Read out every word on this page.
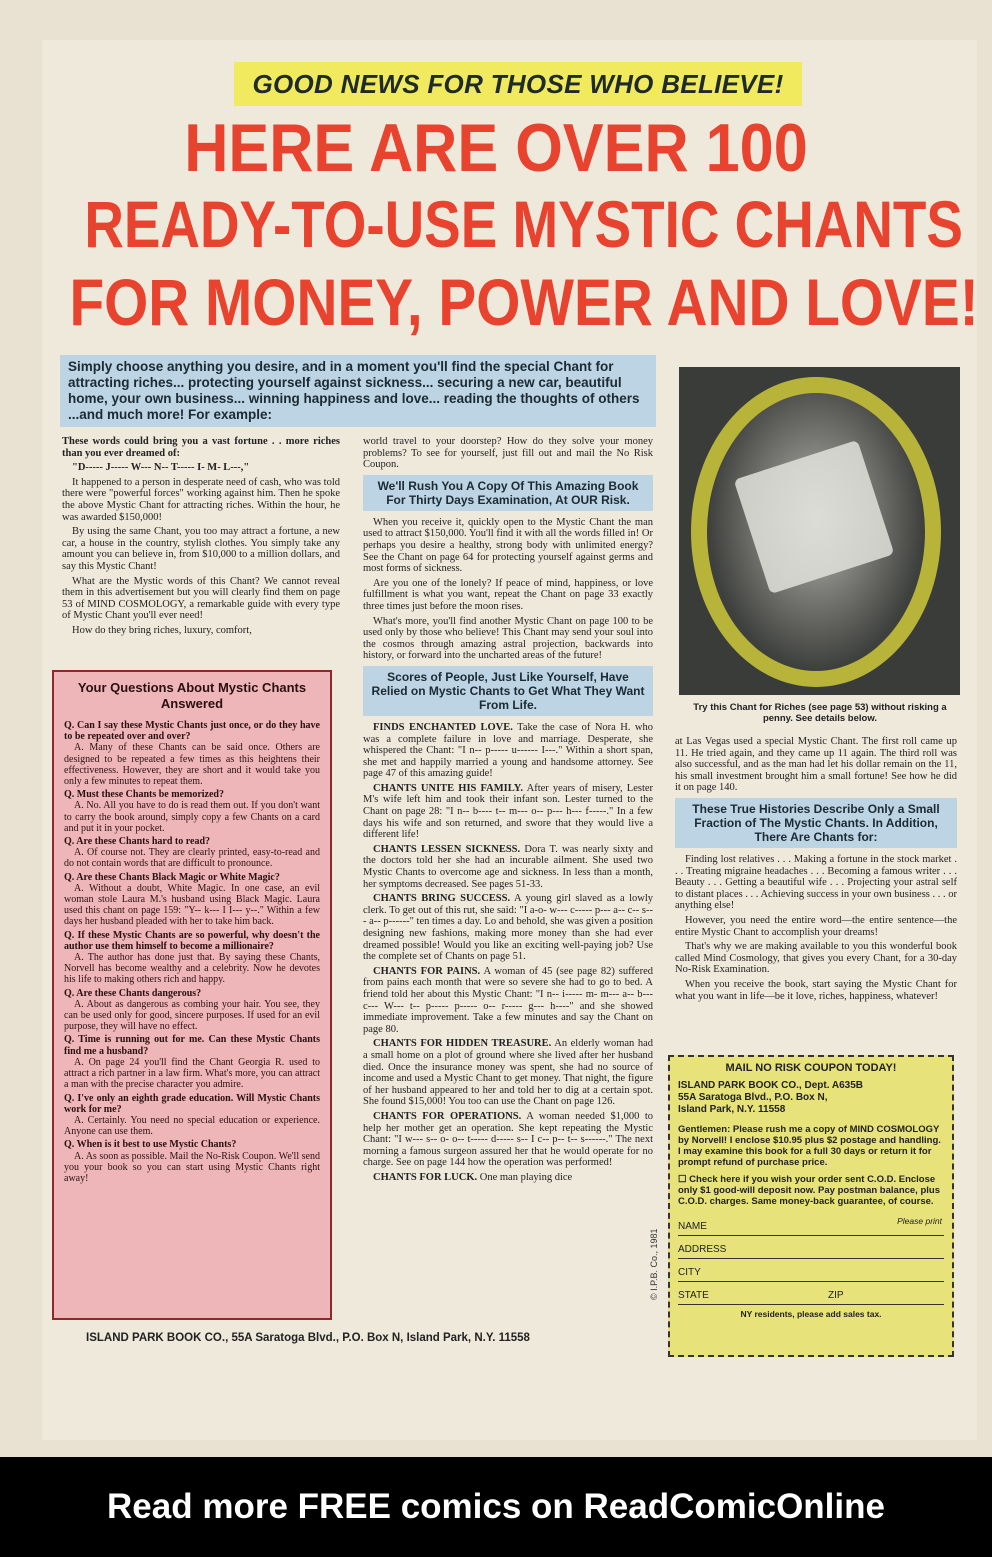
GOOD NEWS FOR THOSE WHO BELIEVE!
HERE ARE OVER 100
READY-TO-USE MYSTIC CHANTS
FOR MONEY, POWER AND LOVE!
Simply choose anything you desire, and in a moment you'll find the special Chant for attracting riches... protecting yourself against sickness... securing a new car, beautiful home, your own business... winning happiness and love... reading the thoughts of others ...and much more! For example:

These words could bring you a vast fortune . . more riches than you ever dreamed of:

"D----- J----- W--- N-- T----- I- M- L---,"

It happened to a person in desperate need of cash, who was told there were "powerful forces" working against him. Then he spoke the above Mystic Chant for attracting riches. Within the hour, he was awarded $150,000!

By using the same Chant, you too may attract a fortune, a new car, a house in the country, stylish clothes. You simply take any amount you can believe in, from $10,000 to a million dollars, and say this Mystic Chant!

What are the Mystic words of this Chant? We cannot reveal them in this advertisement but you will clearly find them on page 53 of MIND COSMOLOGY, a remarkable guide with every type of Mystic Chant you'll ever need!

How do they bring riches, luxury, comfort,

Your Questions About Mystic Chants Answered

Q. Can I say these Mystic Chants just once, or do they have to be repeated over and over?

A. Many of these Chants can be said once. Others are designed to be repeated a few times as this heightens their effectiveness. However, they are short and it would take you only a few minutes to repeat them.

Q. Must these Chants be memorized?

A. No. All you have to do is read them out. If you don't want to carry the book around, simply copy a few Chants on a card and put it in your pocket.

Q. Are these Chants hard to read?

A. Of course not. They are clearly printed, easy-to-read and do not contain words that are difficult to pronounce.

Q. Are these Chants Black Magic or White Magic?

A. Without a doubt, White Magic. In one case, an evil woman stole Laura M.'s husband using Black Magic. Laura used this chant on page 159: "Y-- k--- I I--- y--." Within a few days her husband pleaded with her to take him back.

Q. If these Mystic Chants are so powerful, why doesn't the author use them himself to become a millionaire?

A. The author has done just that. By saying these Chants, Norvell has become wealthy and a celebrity. Now he devotes his life to making others rich and happy.

Q. Are these Chants dangerous?

A. About as dangerous as combing your hair. You see, they can be used only for good, sincere purposes. If used for an evil purpose, they will have no effect.

Q. Time is running out for me. Can these Mystic Chants find me a husband?

A. On page 24 you'll find the Chant Georgia R. used to attract a rich partner in a law firm. What's more, you can attract a man with the precise character you admire.

Q. I've only an eighth grade education. Will Mystic Chants work for me?

A. Certainly. You need no special education or experience. Anyone can use them.

Q. When is it best to use Mystic Chants?

A. As soon as possible. Mail the No-Risk Coupon. We'll send you your book so you can start using Mystic Chants right away!

world travel to your doorstep? How do they solve your money problems? To see for yourself, just fill out and mail the No Risk Coupon.

We'll Rush You A Copy Of This Amazing Book For Thirty Days Examination, At OUR Risk.

When you receive it, quickly open to the Mystic Chant the man used to attract $150,000. You'll find it with all the words filled in! Or perhaps you desire a healthy, strong body with unlimited energy? See the Chant on page 64 for protecting yourself against germs and most forms of sickness.

Are you one of the lonely? If peace of mind, happiness, or love fulfillment is what you want, repeat the Chant on page 33 exactly three times just before the moon rises.

What's more, you'll find another Mystic Chant on page 100 to be used only by those who believe! This Chant may send your soul into the cosmos through amazing astral projection, backwards into history, or forward into the uncharted areas of the future!

Scores of People, Just Like Yourself, Have Relied on Mystic Chants to Get What They Want From Life.

FINDS ENCHANTED LOVE. Take the case of Nora H. who was a complete failure in love and marriage. Desperate, she whispered the Chant: "I n-- p----- u------ I---." Within a short span, she met and happily married a young and handsome attorney. See page 47 of this amazing guide!

CHANTS UNITE HIS FAMILY. After years of misery, Lester M's wife left him and took their infant son. Lester turned to the Chant on page 28: "I n-- b---- t-- m--- o-- p--- h--- f-----." In a few days his wife and son returned, and swore that they would live a different life!

CHANTS LESSEN SICKNESS. Dora T. was nearly sixty and the doctors told her she had an incurable ailment. She used two Mystic Chants to overcome age and sickness. In less than a month, her symptoms decreased. See pages 51-33.

CHANTS BRING SUCCESS. A young girl slaved as a lowly clerk. To get out of this rut, she said: "I a-o- w--- c----- p--- a-- c-- s--- a-- p------" ten times a day. Lo and behold, she was given a position designing new fashions, making more money than she had ever dreamed possible! Would you like an exciting well-paying job? Use the complete set of Chants on page 51.

CHANTS FOR PAINS. A woman of 45 (see page 82) suffered from pains each month that were so severe she had to go to bed. A friend told her about this Mystic Chant: "I n-- i----- m- m--- a-- b--- c--- W--- t-- p----- p----- o-- r----- g--- h----" and she showed immediate improvement. Take a few minutes and say the Chant on page 80.

CHANTS FOR HIDDEN TREASURE. An elderly woman had a small home on a plot of ground where she lived after her husband died. Once the insurance money was spent, she had no source of income and used a Mystic Chant to get money. That night, the figure of her husband appeared to her and told her to dig at a certain spot. She found $15,000! You too can use the Chant on page 126.

CHANTS FOR OPERATIONS. A woman needed $1,000 to help her mother get an operation. She kept repeating the Mystic Chant: "I w--- s-- o- o-- t----- d----- s-- I c-- p-- t-- s------." The next morning a famous surgeon assured her that he would operate for no charge. See on page 144 how the operation was performed!

CHANTS FOR LUCK. One man playing dice

Try this Chant for Riches (see page 53) without risking a penny. See details below.

at Las Vegas used a special Mystic Chant. The first roll came up 11. He tried again, and they came up 11 again. The third roll was also successful, and as the man had let his dollar remain on the 11, his small investment brought him a small fortune! See how he did it on page 140.

These True Histories Describe Only a Small Fraction of The Mystic Chants. In Addition, There Are Chants for:

Finding lost relatives . . . Making a fortune in the stock market . . . Treating migraine headaches . . . Becoming a famous writer . . . Beauty . . . Getting a beautiful wife . . . Projecting your astral self to distant places . . . Achieving success in your own business . . . or anything else!

However, you need the entire word—the entire sentence—the entire Mystic Chant to accomplish your dreams!

That's why we are making available to you this wonderful book called Mind Cosmology, that gives you every Chant, for a 30-day No-Risk Examination.

When you receive the book, start saying the Mystic Chant for what you want in life—be it love, riches, happiness, whatever!

MAIL NO RISK COUPON TODAY!
ISLAND PARK BOOK CO., Dept. A635B
55A Saratoga Blvd., P.O. Box N,
Island Park, N.Y. 11558
Gentlemen: Please rush me a copy of MIND COSMOLOGY by Norvell! I enclose $10.95 plus $2 postage and handling. I may examine this book for a full 30 days or return it for prompt refund of purchase price.
☐ Check here if you wish your order sent C.O.D. Enclose only $1 good-will deposit now. Pay postman balance, plus C.O.D. charges. Same money-back guarantee, of course.
NAME	Please print
ADDRESS
CITY
STATE	ZIP
NY residents, please add sales tax.
© I.P.B. Co., 1981
ISLAND PARK BOOK CO., 55A Saratoga Blvd., P.O. Box N, Island Park, N.Y. 11558
Read more FREE comics on ReadComicOnline
